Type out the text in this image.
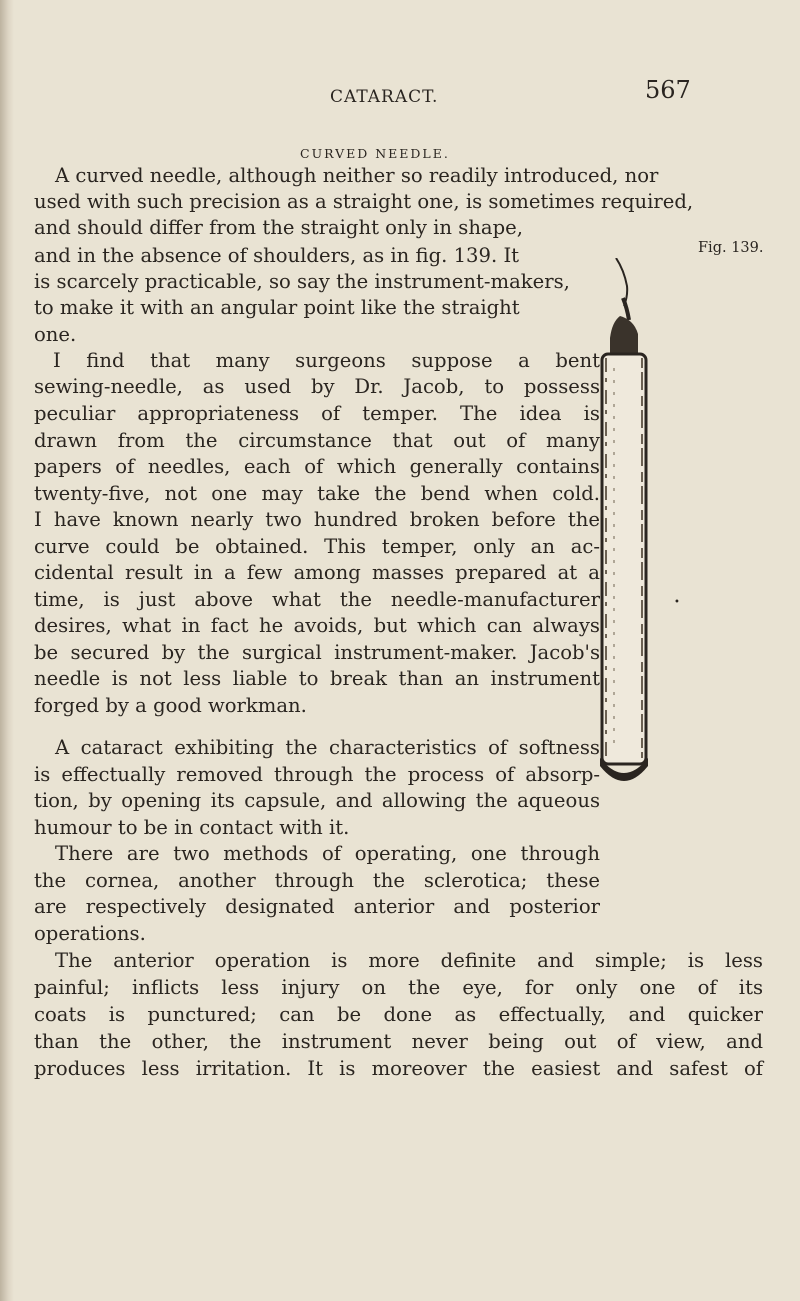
CATARACT.	567
CURVED NEEDLE.
A curved needle, although neither so readily introduced, nor
used with such precision as a straight one, is sometimes required,
and should differ from the straight only in shape,
and in the absence of shoulders, as in fig. 139. It
is scarcely practicable, so say the instrument-makers,
to make it with an angular point like the straight
one.
I find that many surgeons suppose a bent
sewing-needle, as used by Dr. Jacob, to possess
peculiar appropriateness of temper. The idea is
drawn from the circumstance that out of many
papers of needles, each of which generally contains
twenty-five, not one may take the bend when cold.
I have known nearly two hundred broken before the
curve could be obtained. This temper, only an ac-
cidental result in a few among masses prepared at a
time, is just above what the needle-manufacturer
desires, what in fact he avoids, but which can always
be secured by the surgical instrument-maker. Jacob's
needle is not less liable to break than an instrument
forged by a good workman.
A cataract exhibiting the characteristics of softness
is effectually removed through the process of absorp-
tion, by opening its capsule, and allowing the aqueous
humour to be in contact with it.
There are two methods of operating, one through
the cornea, another through the sclerotica; these
are respectively designated anterior and posterior
operations.
The anterior operation is more definite and simple; is less
painful; inflicts less injury on the eye, for only one of its
coats is punctured; can be done as effectually, and quicker
than the other, the instrument never being out of view, and
produces less irritation. It is moreover the easiest and safest of
Fig. 139.
•
